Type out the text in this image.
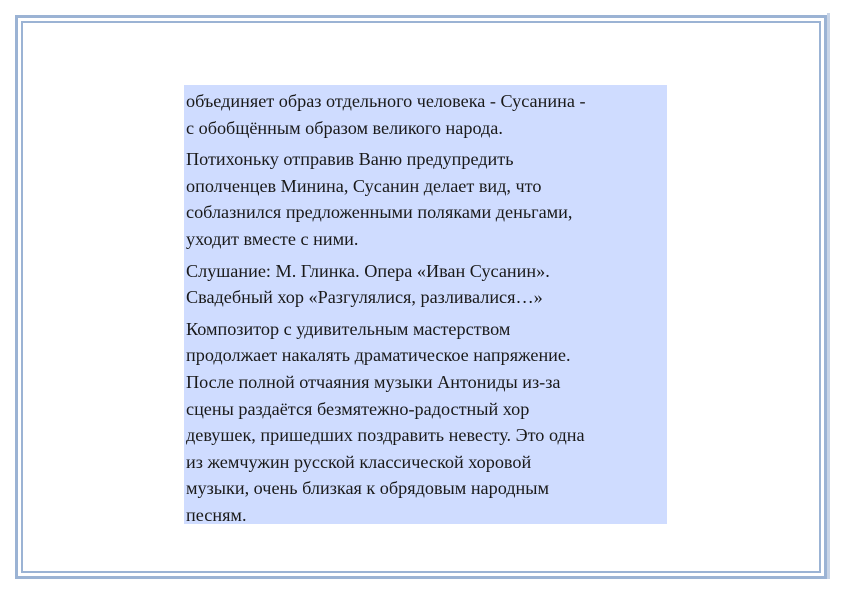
объединяет образ отдельного человека - Сусанина -
с обобщённым образом великого народа.

Потихоньку отправив Ваню предупредить
ополченцев Минина, Сусанин делает вид, что
соблазнился предложенными поляками деньгами,
уходит вместе с ними.

Слушание: М. Глинка. Опера «Иван Сусанин».
Свадебный хор «Разгулялися, разливалися…»

Композитор с удивительным мастерством
продолжает накалять драматическое напряжение.
После полной отчаяния музыки Антониды из-за
сцены раздаётся безмятежно-радостный хор
девушек, пришедших поздравить невесту. Это одна
из жемчужин русской классической хоровой
музыки, очень близкая к обрядовым народным
песням.
